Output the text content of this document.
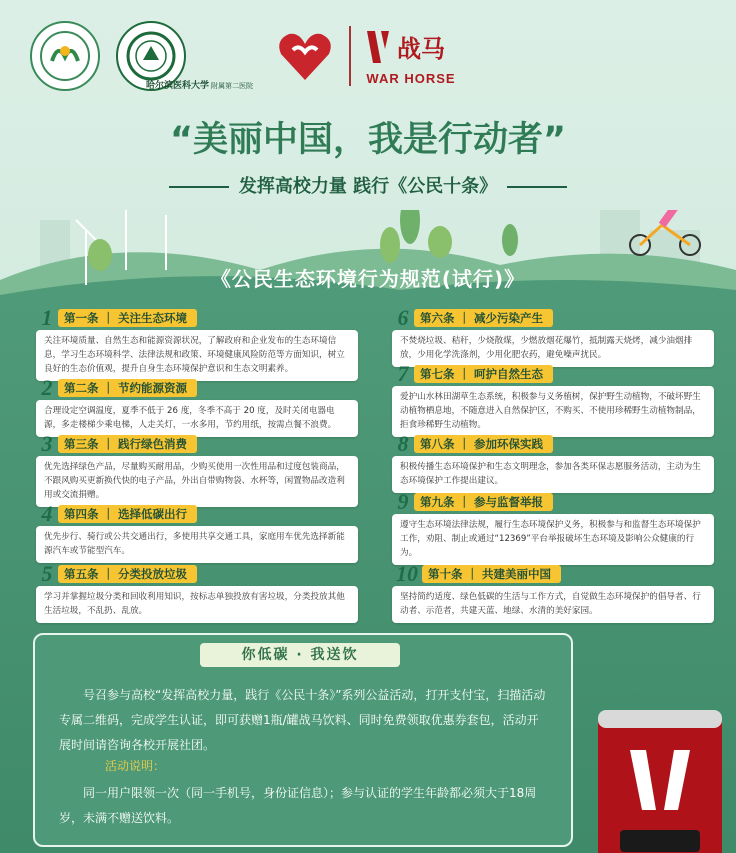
哈尔滨医科大学 附属第二医院
战马
WAR HORSE
“美丽中国，我是行动者”
发挥高校力量 践行《公民十条》
《公民生态环境行为规范(试行)》
1	第一条 ｜ 关注生态环境
关注环境质量、自然生态和能源资源状况，了解政府和企业发布的生态环境信息，学习生态环境科学、法律法规和政策、环境健康风险防范等方面知识，树立良好的生态价值观，提升自身生态环境保护意识和生态文明素养。
2	第二条 ｜ 节约能源资源
合理设定空调温度，夏季不低于 26 度，冬季不高于 20 度，及时关闭电器电源，多走楼梯少乘电梯，人走关灯，一水多用，节约用纸，按需点餐不浪费。
3	第三条 ｜ 践行绿色消费
优先选择绿色产品，尽量购买耐用品，少购买使用一次性用品和过度包装商品，不跟风购买更新换代快的电子产品，外出自带购物袋、水杯等，闲置物品改造利用或交流捐赠。
4	第四条 ｜ 选择低碳出行
优先步行、骑行或公共交通出行，多使用共享交通工具，家庭用车优先选择新能源汽车或节能型汽车。
5	第五条 ｜ 分类投放垃圾
学习并掌握垃圾分类和回收利用知识，按标志单独投放有害垃圾，分类投放其他生活垃圾，不乱扔、乱放。
6	第六条 ｜ 减少污染产生
不焚烧垃圾、秸秆，少烧散煤，少燃放烟花爆竹，抵制露天烧烤，减少油烟排放，少用化学洗涤剂，少用化肥农药，避免噪声扰民。
7	第七条 ｜ 呵护自然生态
爱护山水林田湖草生态系统，积极参与义务植树，保护野生动植物，不破坏野生动植物栖息地，不随意进入自然保护区，不购买、不使用珍稀野生动植物制品，拒食珍稀野生动植物。
8	第八条 ｜ 参加环保实践
积极传播生态环境保护和生态文明理念，参加各类环保志愿服务活动，主动为生态环境保护工作提出建议。
9	第九条 ｜ 参与监督举报
遵守生态环境法律法规，履行生态环境保护义务，积极参与和监督生态环境保护工作，劝阻、制止或通过“12369”平台举报破坏生态环境及影响公众健康的行为。
10 第十条 ｜ 共建美丽中国
坚持简约适度、绿色低碳的生活与工作方式，自觉做生态环境保护的倡导者、行动者、示范者，共建天蓝、地绿、水清的美好家园。
你低碳 · 我送饮
号召参与高校“发挥高校力量，践行《公民十条》”系列公益活动，打开支付宝，扫描活动专属二维码，完成学生认证，即可获赠1瓶/罐战马饮料、同时免费领取优惠券套包，活动开展时间请咨询各校开展社团。
活动说明：
同一用户限领一次（同一手机号，身份证信息）；参与认证的学生年龄都必须大于18周岁，未满不赠送饮料。
